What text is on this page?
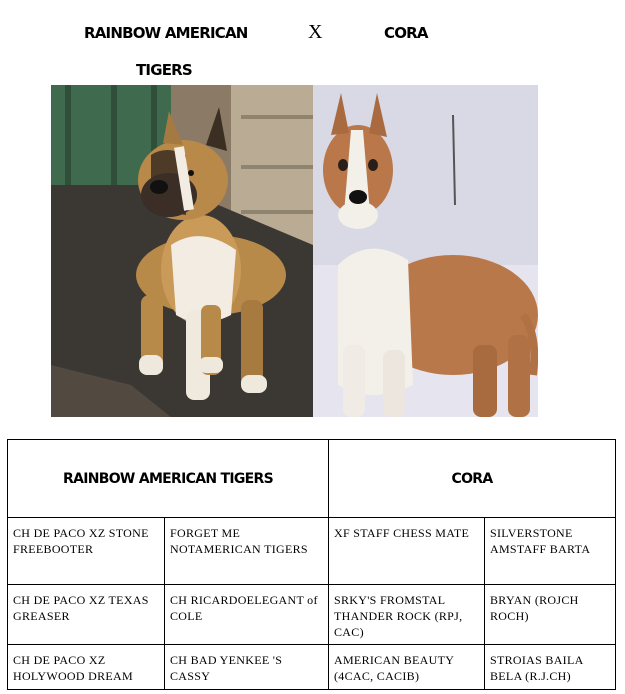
RAINBOW AMERICAN
TIGERS
X	CORA
RAINBOW AMERICAN TIGERS		CORA	
CH DE PACO XZ STONE FREEBOOTER	FORGET ME NOTAMERICAN TIGERS	XF STAFF CHESS MATE	SILVERSTONE AMSTAFF BARTA
CH DE PACO XZ TEXAS GREASER	CH RICARDOELEGANT of COLE	SRKY'S FROMSTAL THANDER ROCK (RPJ, CAC)	BRYAN (ROJCH ROCH)
CH DE PACO XZ HOLYWOOD DREAM	CH BAD YENKEE 'S CASSY	AMERICAN BEAUTY (4CAC, CACIB)	STROIAS BAILA BELA (R.J.CH)
